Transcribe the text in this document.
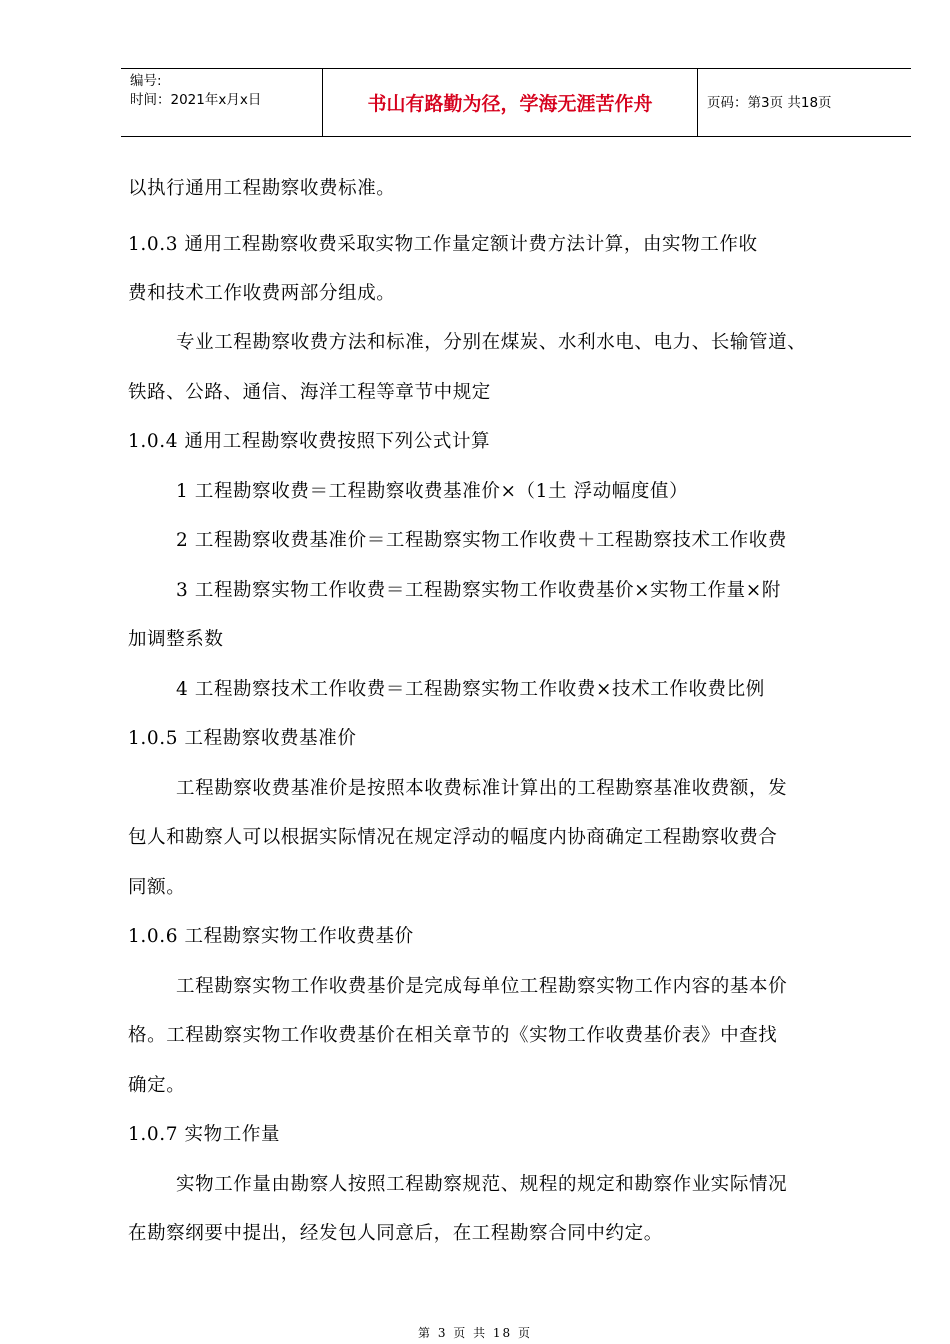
编号:
时间：2021年x月x日	书山有路勤为径，学海无涯苦作舟	页码：第3页 共18页
以执行通用工程勘察收费标准。
1.0.3 通用工程勘察收费采取实物工作量定额计费方法计算，由实物工作收
费和技术工作收费两部分组成。
专业工程勘察收费方法和标准，分别在煤炭、水利水电、电力、长输管道、
铁路、公路、通信、海洋工程等章节中规定
1.0.4 通用工程勘察收费按照下列公式计算
1 工程勘察收费＝工程勘察收费基准价×（1土 浮动幅度值）
2 工程勘察收费基准价＝工程勘察实物工作收费＋工程勘察技术工作收费
3 工程勘察实物工作收费＝工程勘察实物工作收费基价×实物工作量×附
加调整系数
4 工程勘察技术工作收费＝工程勘察实物工作收费×技术工作收费比例
1.0.5 工程勘察收费基准价
工程勘察收费基准价是按照本收费标准计算出的工程勘察基准收费额，发
包人和勘察人可以根据实际情况在规定浮动的幅度内协商确定工程勘察收费合
同额。
1.0.6 工程勘察实物工作收费基价
工程勘察实物工作收费基价是完成每单位工程勘察实物工作内容的基本价
格。工程勘察实物工作收费基价在相关章节的《实物工作收费基价表》中查找
确定。
1.0.7 实物工作量
实物工作量由勘察人按照工程勘察规范、规程的规定和勘察作业实际情况
在勘察纲要中提出，经发包人同意后，在工程勘察合同中约定。
第 3 页 共 18 页
